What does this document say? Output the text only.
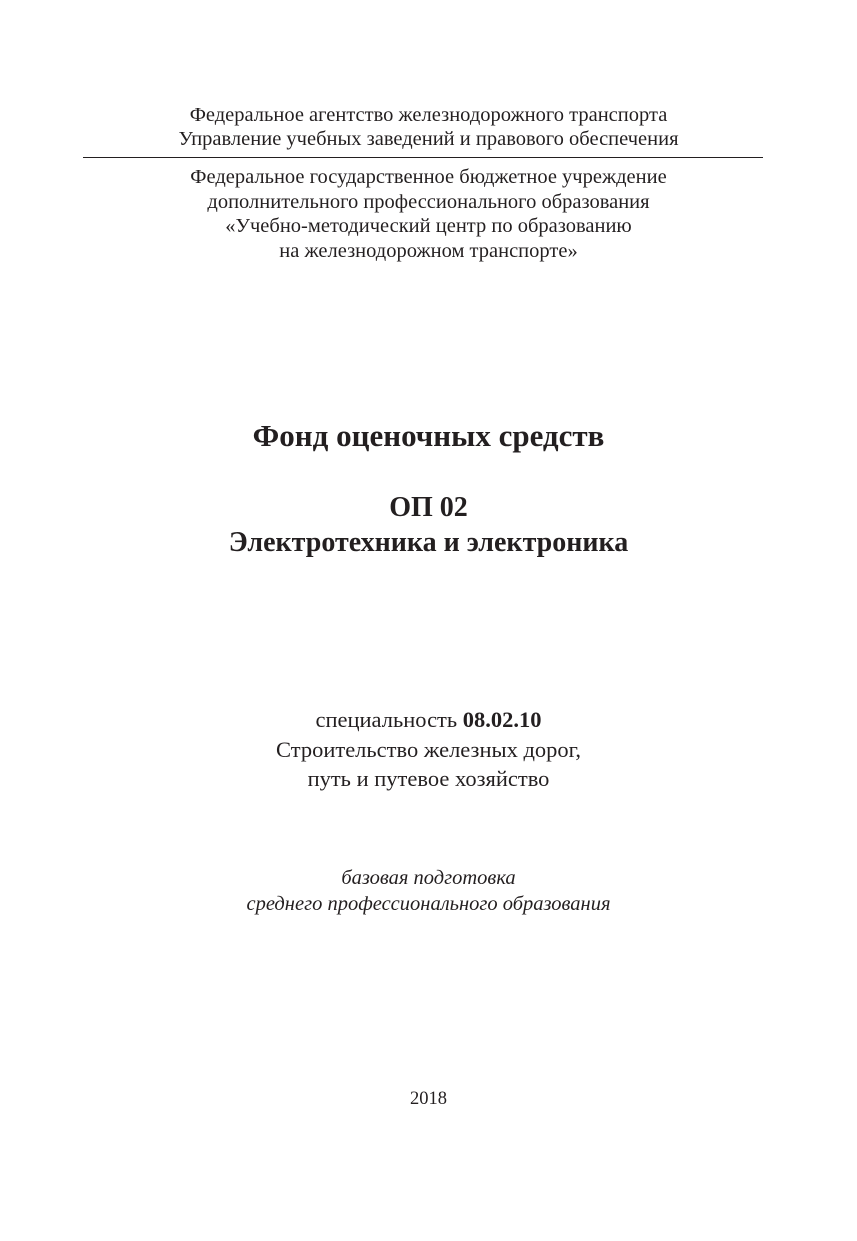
Федеральное агентство железнодорожного транспорта
Управление учебных заведений и правового обеспечения
Федеральное государственное бюджетное учреждение
дополнительного профессионального образования
«Учебно-методический центр по образованию
на железнодорожном транспорте»
Фонд оценочных средств
ОП 02
Электротехника и электроника
специальность 08.02.10
Строительство железных дорог,
путь и путевое хозяйство
базовая подготовка
среднего профессионального образования
2018
